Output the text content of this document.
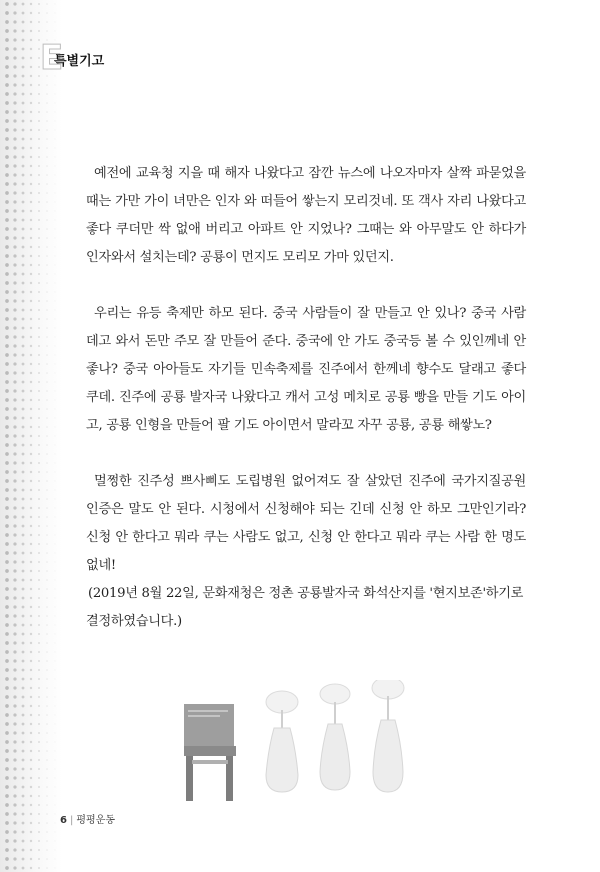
E
특별기고

예전에 교육청 지을 때 해자 나왔다고 잠깐 뉴스에 나오자마자 살짝 파묻었을 때는 가만 가이 녀만은 인자 와 떠들어 쌓는지 모리것네. 또 객사 자리 나왔다고 좋다 쿠더만 싹 없애 버리고 아파트 안 지었나? 그때는 와 아무말도 안 하다가 인자와서 설치는데? 공룡이 먼지도 모리모 가마 있던지.

우리는 유등 축제만 하모 된다. 중국 사람들이 잘 만들고 안 있나? 중국 사람 데고 와서 돈만 주모 잘 만들어 준다. 중국에 안 가도 중국등 볼 수 있인께네 안 좋나? 중국 아아들도 자기들 민속축제를 진주에서 한께네 향수도 달래고 좋다 쿠데. 진주에 공룡 발자국 나왔다고 캐서 고성 메치로 공룡 빵을 만들 기도 아이고, 공룡 인형을 만들어 팔 기도 아이면서 말라꼬 자꾸 공룡, 공룡 해쌓노?

멀쩡한 진주성 쁘사삐도 도립병원 없어져도 잘 살았던 진주에 국가지질공원 인증은 말도 안 된다. 시청에서 신청해야 되는 긴데 신청 안 하모 그만인기라? 신청 안 한다고 뭐라 쿠는 사람도 없고, 신청 안 한다고 뭐라 쿠는 사람 한 명도 없네!

(2019년 8월 22일, 문화재청은 정촌 공룡발자국 화석산지를 '현지보존'하기로 결정하였습니다.)

6 | 평평운동
